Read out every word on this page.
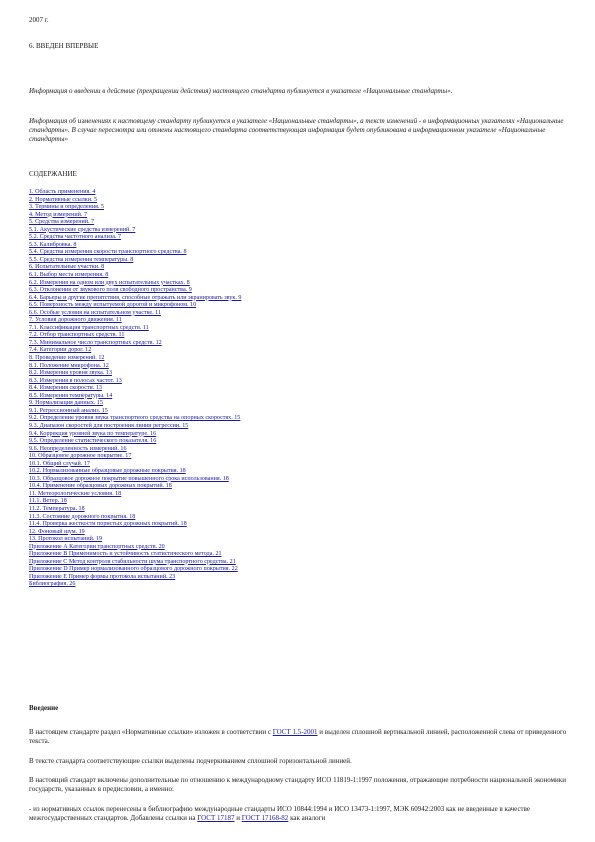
2007 г.
6. ВВЕДЕН ВПЕРВЫЕ
Информация о введении в действие (прекращении действия) настоящего стандарта публикуется в указателе «Национальные стандарты».
Информация об изменениях к настоящему стандарту публикуется в указателе «Национальные стандарты», а текст изменений - в информационных указателях «Национальные стандарты». В случае пересмотра или отмены настоящего стандарта соответствующая информация будет опубликована в информационном указателе «Национальные стандарты»
СОДЕРЖАНИЕ
1. Область применения. 4
2. Нормативные ссылки. 5
3. Термины и определения. 5
4. Метод измерений. 7
5. Средства измерений. 7
5.1. Акустические средства измерений. 7
5.2. Средства частотного анализа. 7
5.3. Калибровка. 8
5.4. Средства измерения скорости транспортного средства. 8
5.5. Средства измерения температуры. 8
6. Испытательные участки. 8
6.1. Выбор места измерения. 8
6.2. Измерения на одном или двух испытательных участках. 8
6.3. Отклонения от звукового поля свободного пространства. 9
6.4. Барьеры и другие препятствия, способные отражать или экранировать звук. 9
6.5. Поверхность между испытуемой дорогой и микрофоном. 10
6.6. Особые условия на испытательном участке. 11
7. Условия дорожного движения. 11
7.1. Классификация транспортных средств. 11
7.2. Отбор транспортных средств. 11
7.3. Минимальное число транспортных средств. 12
7.4. Категории дорог. 12
8. Проведение измерений. 12
8.1. Положение микрофона. 12
8.2. Измерения уровня звука. 13
8.3. Измерения в полосах частот. 13
8.4. Измерения скорости. 13
8.5. Измерения температуры. 14
9. Нормализация данных. 15
9.1. Регрессионный анализ. 15
9.2. Определение уровня звука транспортного средства на опорных скоростях. 15
9.3. Диапазон скоростей для построения линии регрессии. 15
9.4. Коррекция уровней звука по температуре. 16
9.5. Определение статистического показателя. 16
9.6. Неопределенность измерений. 16
10. Образцовое дорожное покрытие. 17
10.1. Общий случай. 17
10.2. Нормализованные образцовые дорожные покрытия. 18
10.3. Образцовое дорожное покрытие повышенного срока использования. 18
10.4. Применение образцовых дорожных покрытий. 18
11. Метеорологические условия. 18
11.1. Ветер. 18
11.2. Температура. 18
11.3. Состояние дорожного покрытия. 18
11.4. Проверка жесткости пористых дорожных покрытий. 18
12. Фоновый шум. 19
13. Протокол испытаний. 19
Приложение А Категории транспортных средств. 20
Приложение В Применимость и устойчивость статистического метода. 21
Приложение С Метод контроля стабильности шума транспортного средства. 21
Приложение D Пример нормализованного образцового дорожного покрытия. 22
Приложение E Пример формы протокола испытаний. 23
Библиография. 26
Введение
В настоящем стандарте раздел «Нормативные ссылки» изложен в соответствии с ГОСТ 1.5-2001 и выделен сплошной вертикальной линией, расположенной слева от приведенного текста.
В тексте стандарта соответствующие ссылки выделены подчеркиванием сплошной горизонтальной линией.
В настоящий стандарт включены дополнительные по отношению к международному стандарту ИСО 11819-1:1997 положения, отражающие потребности национальной экономики государств, указанных в предисловии, а именно:
- из нормативных ссылок перенесены в библиографию международные стандарты ИСО 10844:1994 и ИСО 13473-1:1997, МЭК 60942:2003 как не введенные в качестве межгосударственных стандартов. Добавлены ссылки на ГОСТ 17187 и ГОСТ 17168-82 как аналоги
